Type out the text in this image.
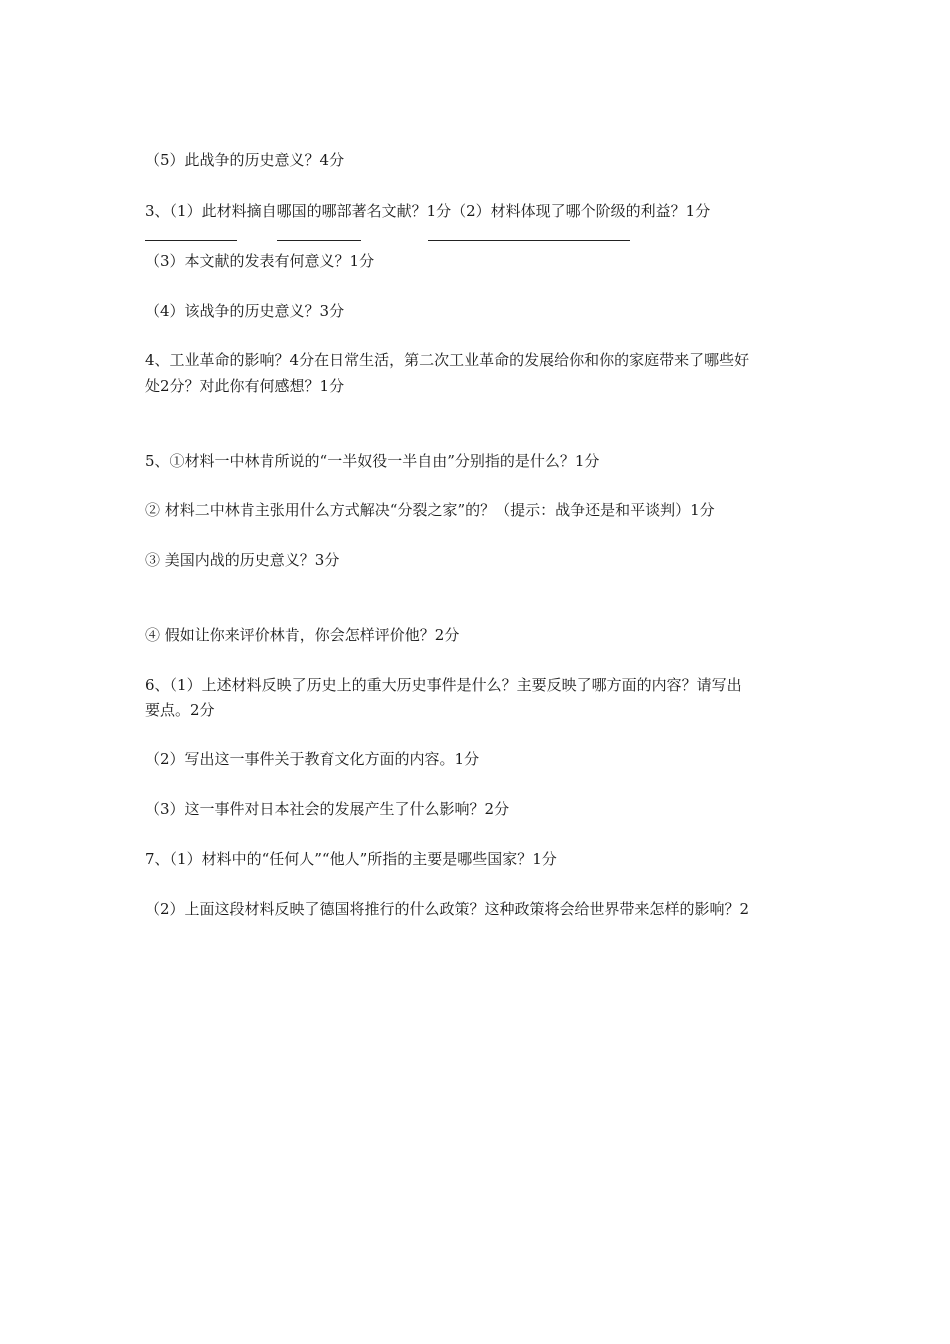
（5）此战争的历史意义？4分
3、（1）此材料摘自哪国的哪部著名文献？1分（2）材料体现了哪个阶级的利益？1分
（3）本文献的发表有何意义？1分
（4）该战争的历史意义？3分
4、工业革命的影响？4分在日常生活，第二次工业革命的发展给你和你的家庭带来了哪些好
处2分？对此你有何感想？1分
5、①材料一中林肯所说的“一半奴役一半自由”分别指的是什么？1分
② 材料二中林肯主张用什么方式解决“分裂之家”的？（提示：战争还是和平谈判）1分
③ 美国内战的历史意义？3分
④ 假如让你来评价林肯，你会怎样评价他？2分
6、（1）上述材料反映了历史上的重大历史事件是什么？主要反映了哪方面的内容？请写出
要点。2分
（2）写出这一事件关于教育文化方面的内容。1分
（3）这一事件对日本社会的发展产生了什么影响？2分
7、（1）材料中的“任何人”“他人”所指的主要是哪些国家？1分
（2）上面这段材料反映了德国将推行的什么政策？这种政策将会给世界带来怎样的影响？2
